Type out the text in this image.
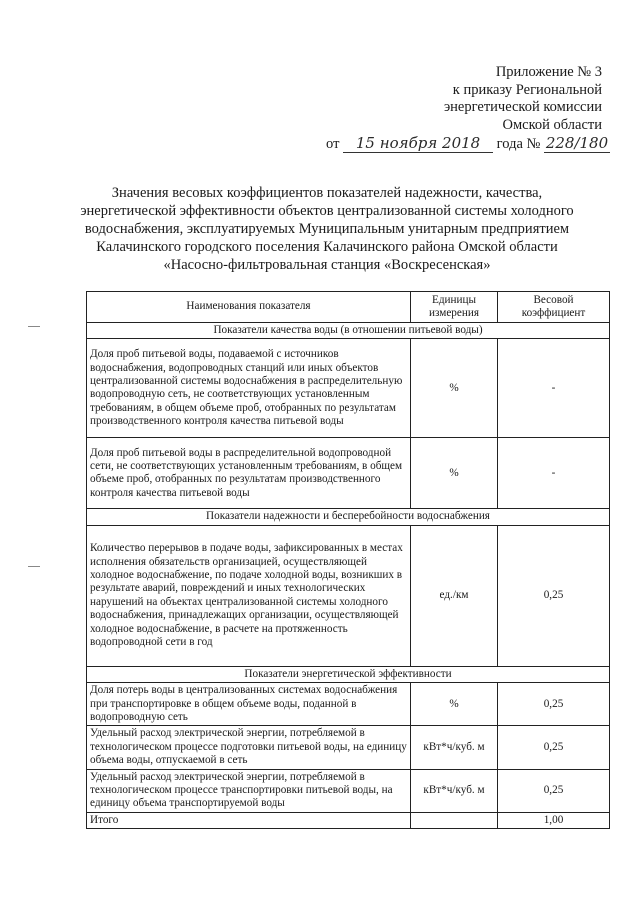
Приложение № 3
к приказу Региональной
энергетической комиссии
Омской области
от 15 ноября 2018 года № 228/180
Значения весовых коэффициентов показателей надежности, качества,
энергетической эффективности объектов централизованной системы холодного
водоснабжения, эксплуатируемых Муниципальным унитарным предприятием
Калачинского городского поселения Калачинского района Омской области
«Насосно-фильтровальная станция «Воскресенская»
Наименования показателя	Единицы измерения	Весовой коэффициент
Показатели качества воды (в отношении питьевой воды)		
Доля проб питьевой воды, подаваемой с источников водоснабжения, водопроводных станций или иных объектов централизованной системы водоснабжения в распределительную водопроводную сеть, не соответствующих установленным требованиям, в общем объеме проб, отобранных по результатам производственного контроля качества питьевой воды	%	-
Доля проб питьевой воды в распределительной водопроводной сети, не соответствующих установленным требованиям, в общем объеме проб, отобранных по результатам производственного контроля качества питьевой воды	%	-
Показатели надежности и бесперебойности водоснабжения		
Количество перерывов в подаче воды, зафиксированных в местах исполнения обязательств организацией, осуществляющей холодное водоснабжение, по подаче холодной воды, возникших в результате аварий, повреждений и иных технологических нарушений на объектах централизованной системы холодного водоснабжения, принадлежащих организации, осуществляющей холодное водоснабжение, в расчете на протяженность водопроводной сети в год	ед./км	0,25
Показатели энергетической эффективности		
Доля потерь воды в централизованных системах водоснабжения при транспортировке в общем объеме воды, поданной в водопроводную сеть	%	0,25
Удельный расход электрической энергии, потребляемой в технологическом процессе подготовки питьевой воды, на единицу объема воды, отпускаемой в сеть	кВт*ч/куб. м	0,25
Удельный расход электрической энергии, потребляемой в технологическом процессе транспортировки питьевой воды, на единицу объема транспортируемой воды	кВт*ч/куб. м	0,25
Итого		1,00
